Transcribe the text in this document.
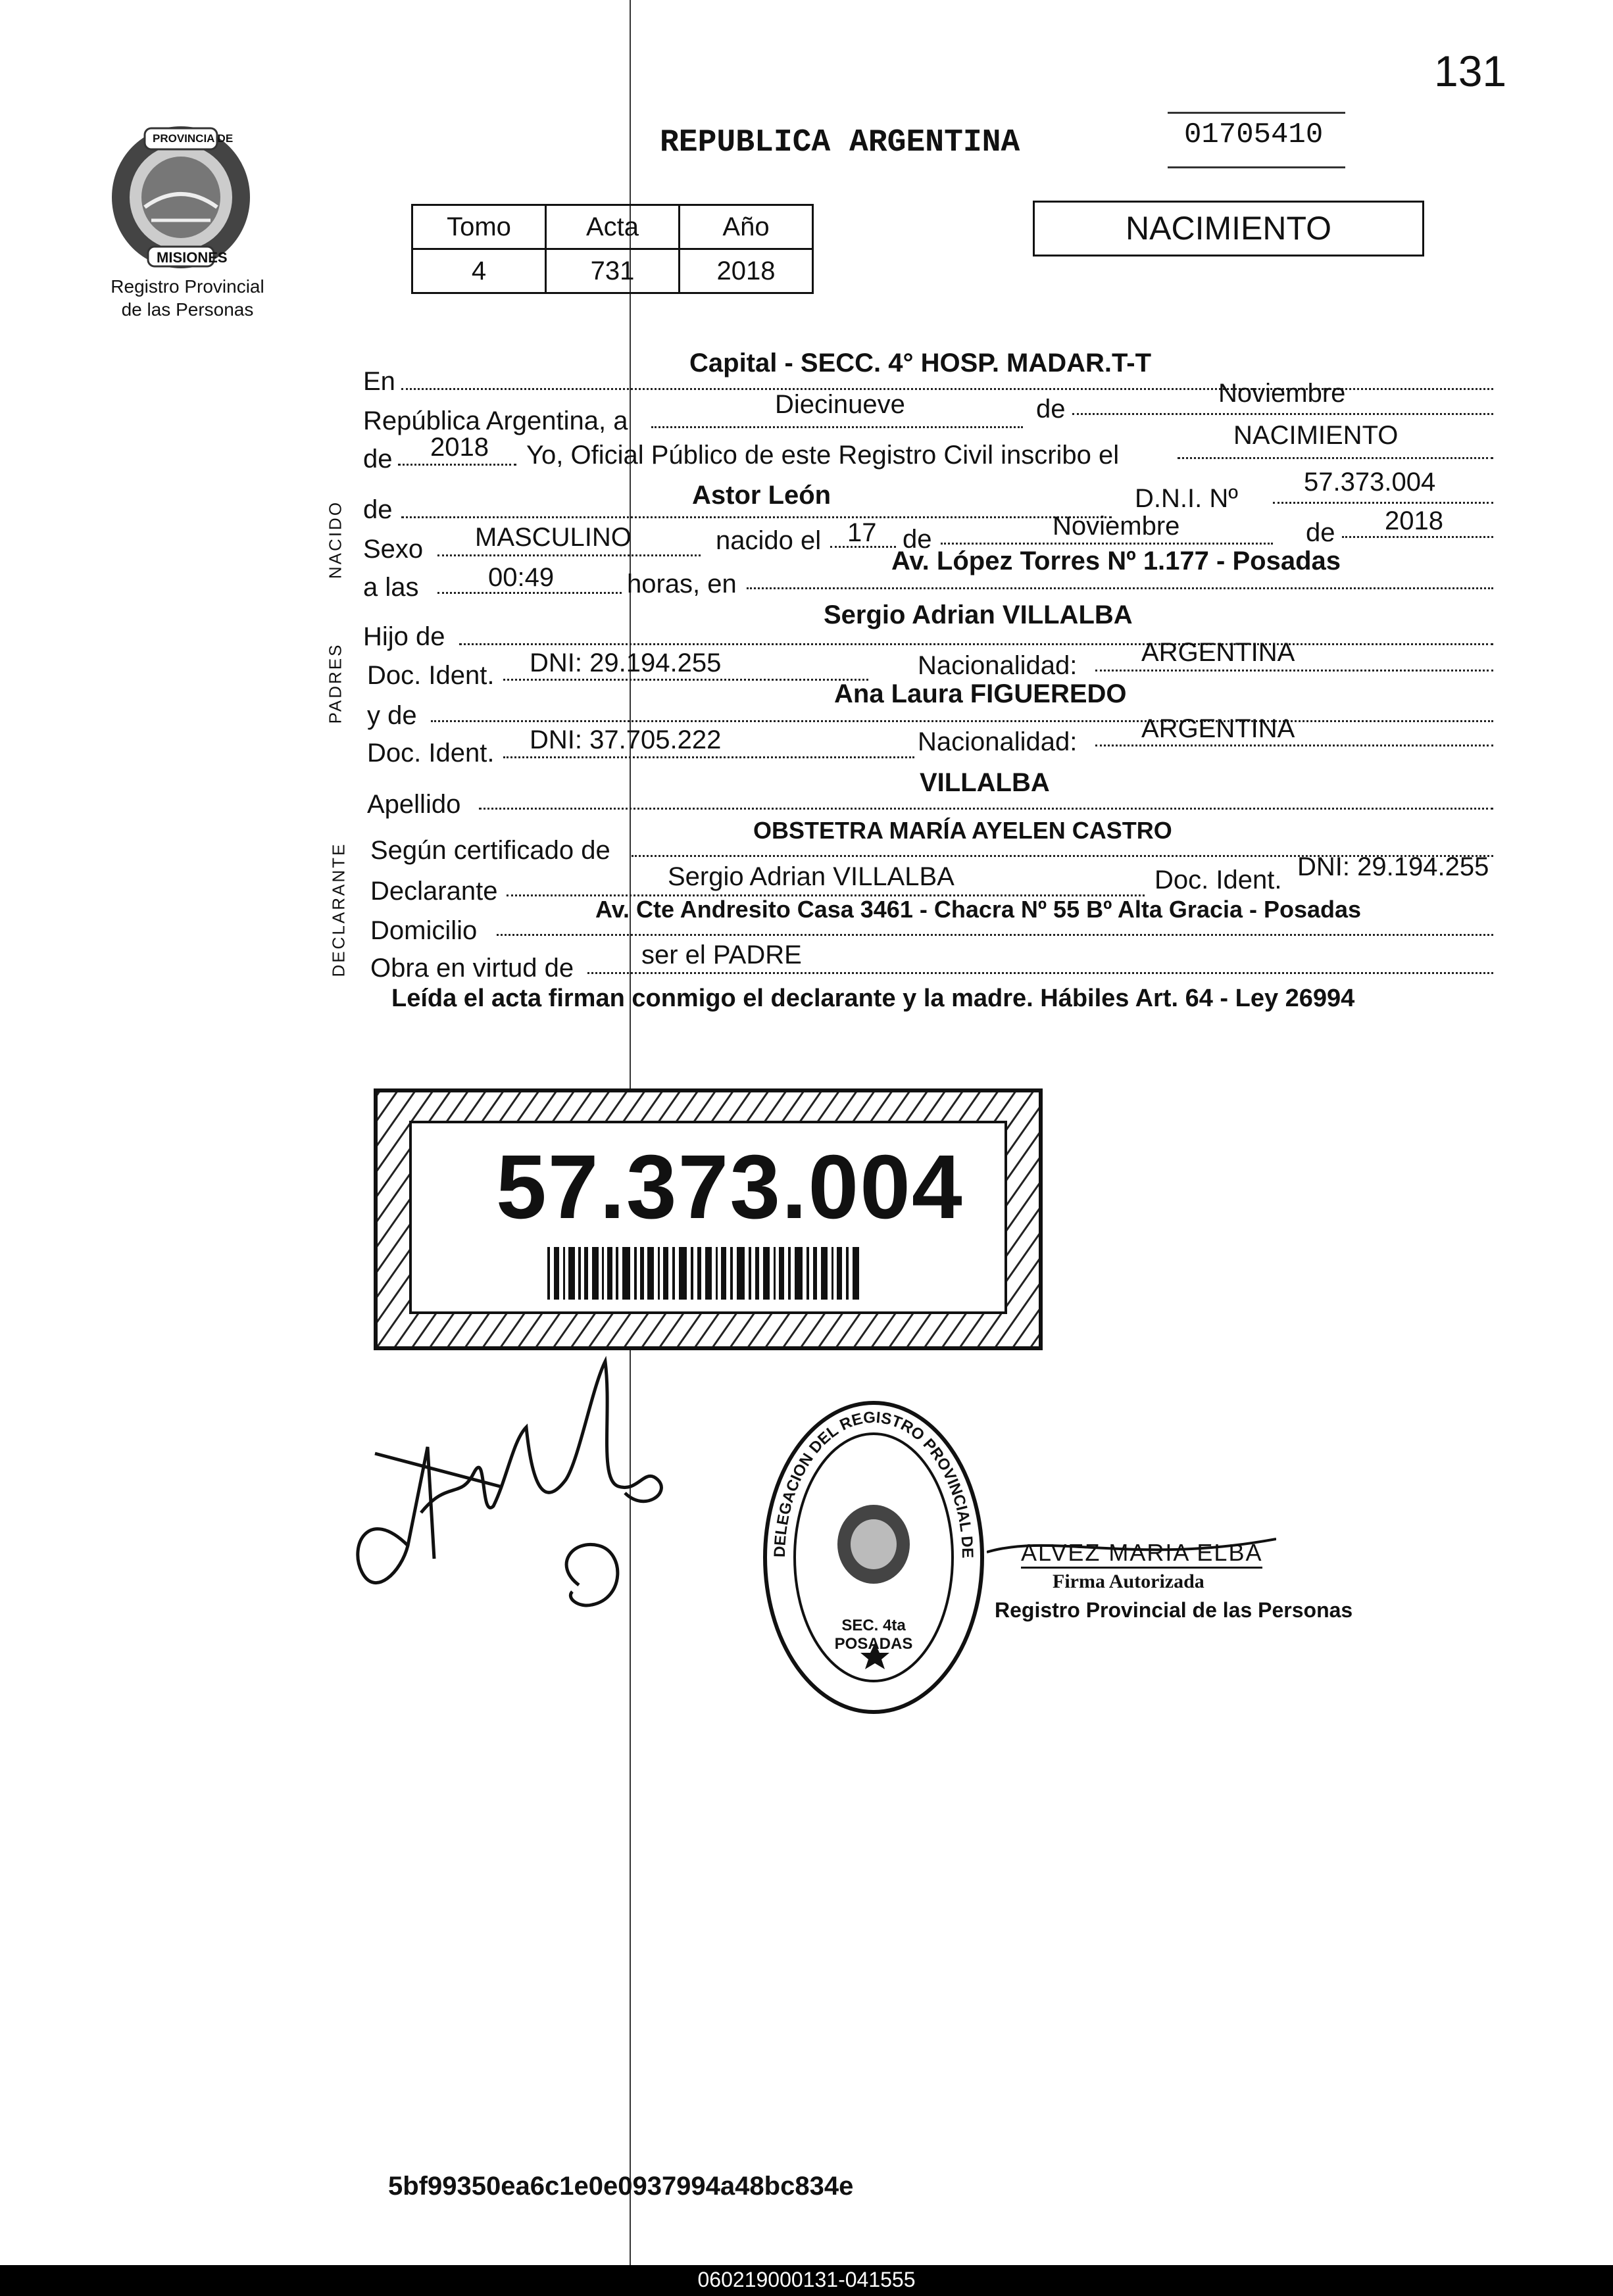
131
01705410
REPUBLICA ARGENTINA
PROVINCIA DE
MISIONES
Registro Provincial
de las Personas
Tomo	Acta	Año
4	731	2018
NACIMIENTO
NACIDO
PADRES
DECLARANTE
En
Capital - SECC. 4° HOSP. MADAR.T-T
República Argentina, a
Diecinueve	de
Noviembre
de 2018 Yo, Oficial Público de este Registro Civil inscribo el
NACIMIENTO
de	Astor León	D.N.I. Nº
57.373.004
Sexo MASCULINO	nacido el 17 de	Noviembre	de 2018
a las	00:49	horas, en
Av. López Torres Nº 1.177 - Posadas
Hijo de
Sergio Adrian VILLALBA
Doc. Ident. DNI: 29.194.255	Nacionalidad: ARGENTINA
y de
Ana Laura FIGUEREDO
Doc. Ident. DNI: 37.705.222	Nacionalidad: ARGENTINA
Apellido
VILLALBA
Según certificado de
OBSTETRA MARÍA AYELEN CASTRO
Declarante	Sergio Adrian VILLALBA	Doc. Ident. DNI: 29.194.255
Domicilio
Av. Cte Andresito Casa 3461 - Chacra Nº 55 Bº Alta Gracia - Posadas
Obra en virtud de	ser el PADRE
Leída el acta firman conmigo el declarante y la madre. Hábiles Art. 64 - Ley 26994
57.373.004
DELEGACION DEL REGISTRO PROVINCIAL DE
SEC. 4ta POSADAS
ALVEZ MARIA ELBA
Firma Autorizada
Registro Provincial de las Personas
5bf99350ea6c1e0e0937994a48bc834e
060219000131-041555
